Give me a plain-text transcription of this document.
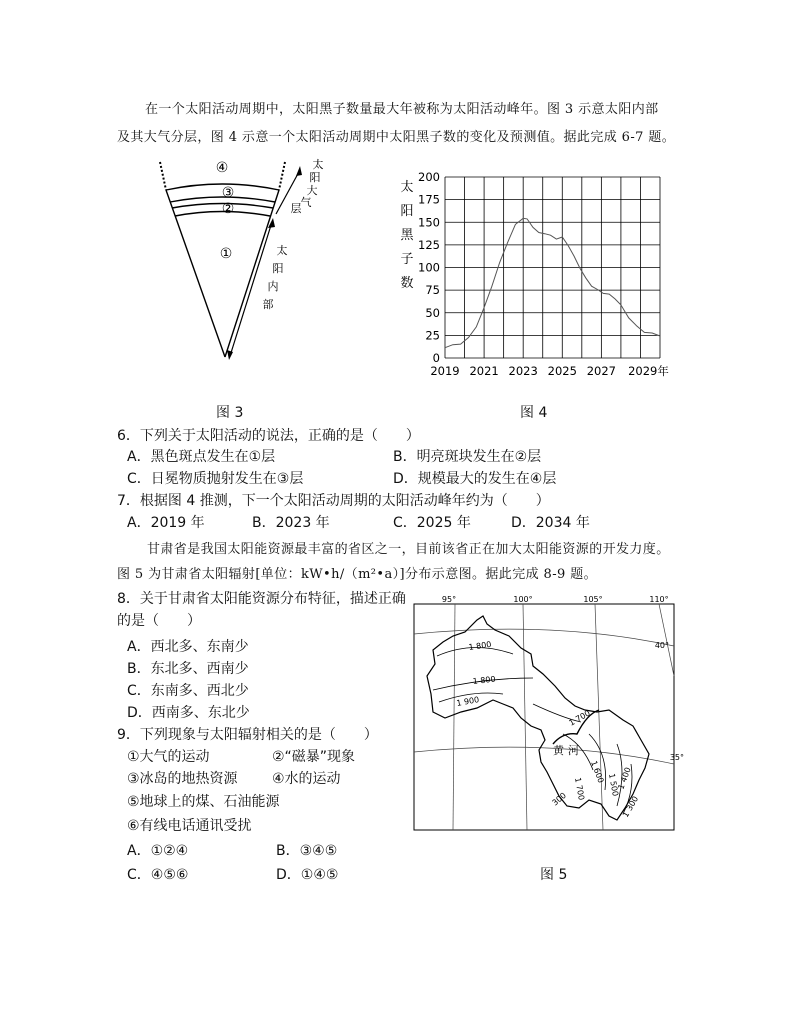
在一个太阳活动周期中，太阳黑子数量最大年被称为太阳活动峰年。图 3 示意太阳内部
及其大气分层，图 4 示意一个太阳活动周期中太阳黑子数的变化及预测值。据此完成 6-7 题。
④
③
②
①
太
阳
大
气
层
太
阳
内
部
图 3
0
25
50
75
100
125
150
175
200
2019 2021 2023 2025 2027 2029年
太
阳
黑
子
数
图 4
6．下列关于太阳活动的说法，正确的是（　　）
A．黑色斑点发生在①层	B．明亮斑块发生在②层
C．日冕物质抛射发生在③层	D．规模最大的发生在④层
7．根据图 4 推测，下一个太阳活动周期的太阳活动峰年约为（　　）
A．2019 年	B．2023 年	C．2025 年	D．2034 年
甘肃省是我国太阳能资源最丰富的省区之一，目前该省正在加大太阳能资源的开发力度。
图 5 为甘肃省太阳辐射[单位：kW•h/（m²•a）]分布示意图。据此完成 8-9 题。
8．关于甘肃省太阳能资源分布特征，描述正确
的是（　　）
A．西北多、东南少
B．东北多、西南少
C．东南多、西北少
D．西南多、东北少
9．下列现象与太阳辐射相关的是（　　）
①大气的运动	②“磁暴”现象
③冰岛的地热资源 ④水的运动
⑤地球上的煤、石油能源
⑥有线电话通讯受扰
A．①②④	B．③④⑤
C．④⑤⑥	D．①④⑤
95°	100°	105°	110°
40°
35°
1 800
1 800
1 900
1 700
1 600
1 500
1 400
1 300
1 700
300
黄 河
图 5
